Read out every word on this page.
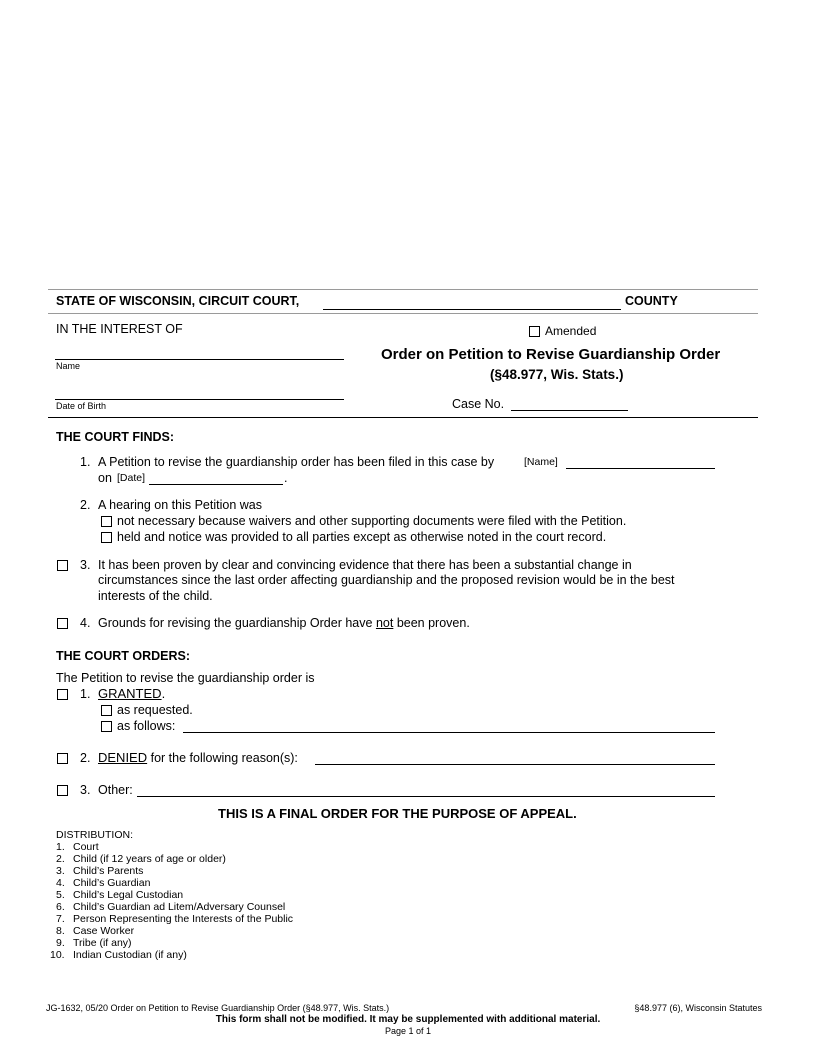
STATE OF WISCONSIN, CIRCUIT COURT,	COUNTY
IN THE INTEREST OF	Amended
Name
Order on Petition to Revise Guardianship Order
(§48.977, Wis. Stats.)
Date of Birth	Case No.
THE COURT FINDS:
1. A Petition to revise the guardianship order has been filed in this case by	[Name]
on [Date]	.
2. A hearing on this Petition was
not necessary because waivers and other supporting documents were filed with the Petition.
held and notice was provided to all parties except as otherwise noted in the court record.
3. It has been proven by clear and convincing evidence that there has been a substantial change in
circumstances since the last order affecting guardianship and the proposed revision would be in the best
interests of the child.
4. Grounds for revising the guardianship Order have not been proven.
THE COURT ORDERS:
The Petition to revise the guardianship order is
1. GRANTED.
as requested.
as follows:
2. DENIED for the following reason(s):
3. Other:
THIS IS A FINAL ORDER FOR THE PURPOSE OF APPEAL.
DISTRIBUTION:
1. Court
2. Child (if 12 years of age or older)
3. Child’s Parents
4. Child’s Guardian
5. Child’s Legal Custodian
6. Child’s Guardian ad Litem/Adversary Counsel
7. Person Representing the Interests of the Public
8. Case Worker
9. Tribe (if any)
10. Indian Custodian (if any)
JG-1632, 05/20 Order on Petition to Revise Guardianship Order (§48.977, Wis. Stats.)	§48.977 (6), Wisconsin Statutes
This form shall not be modified. It may be supplemented with additional material.
Page 1 of 1
